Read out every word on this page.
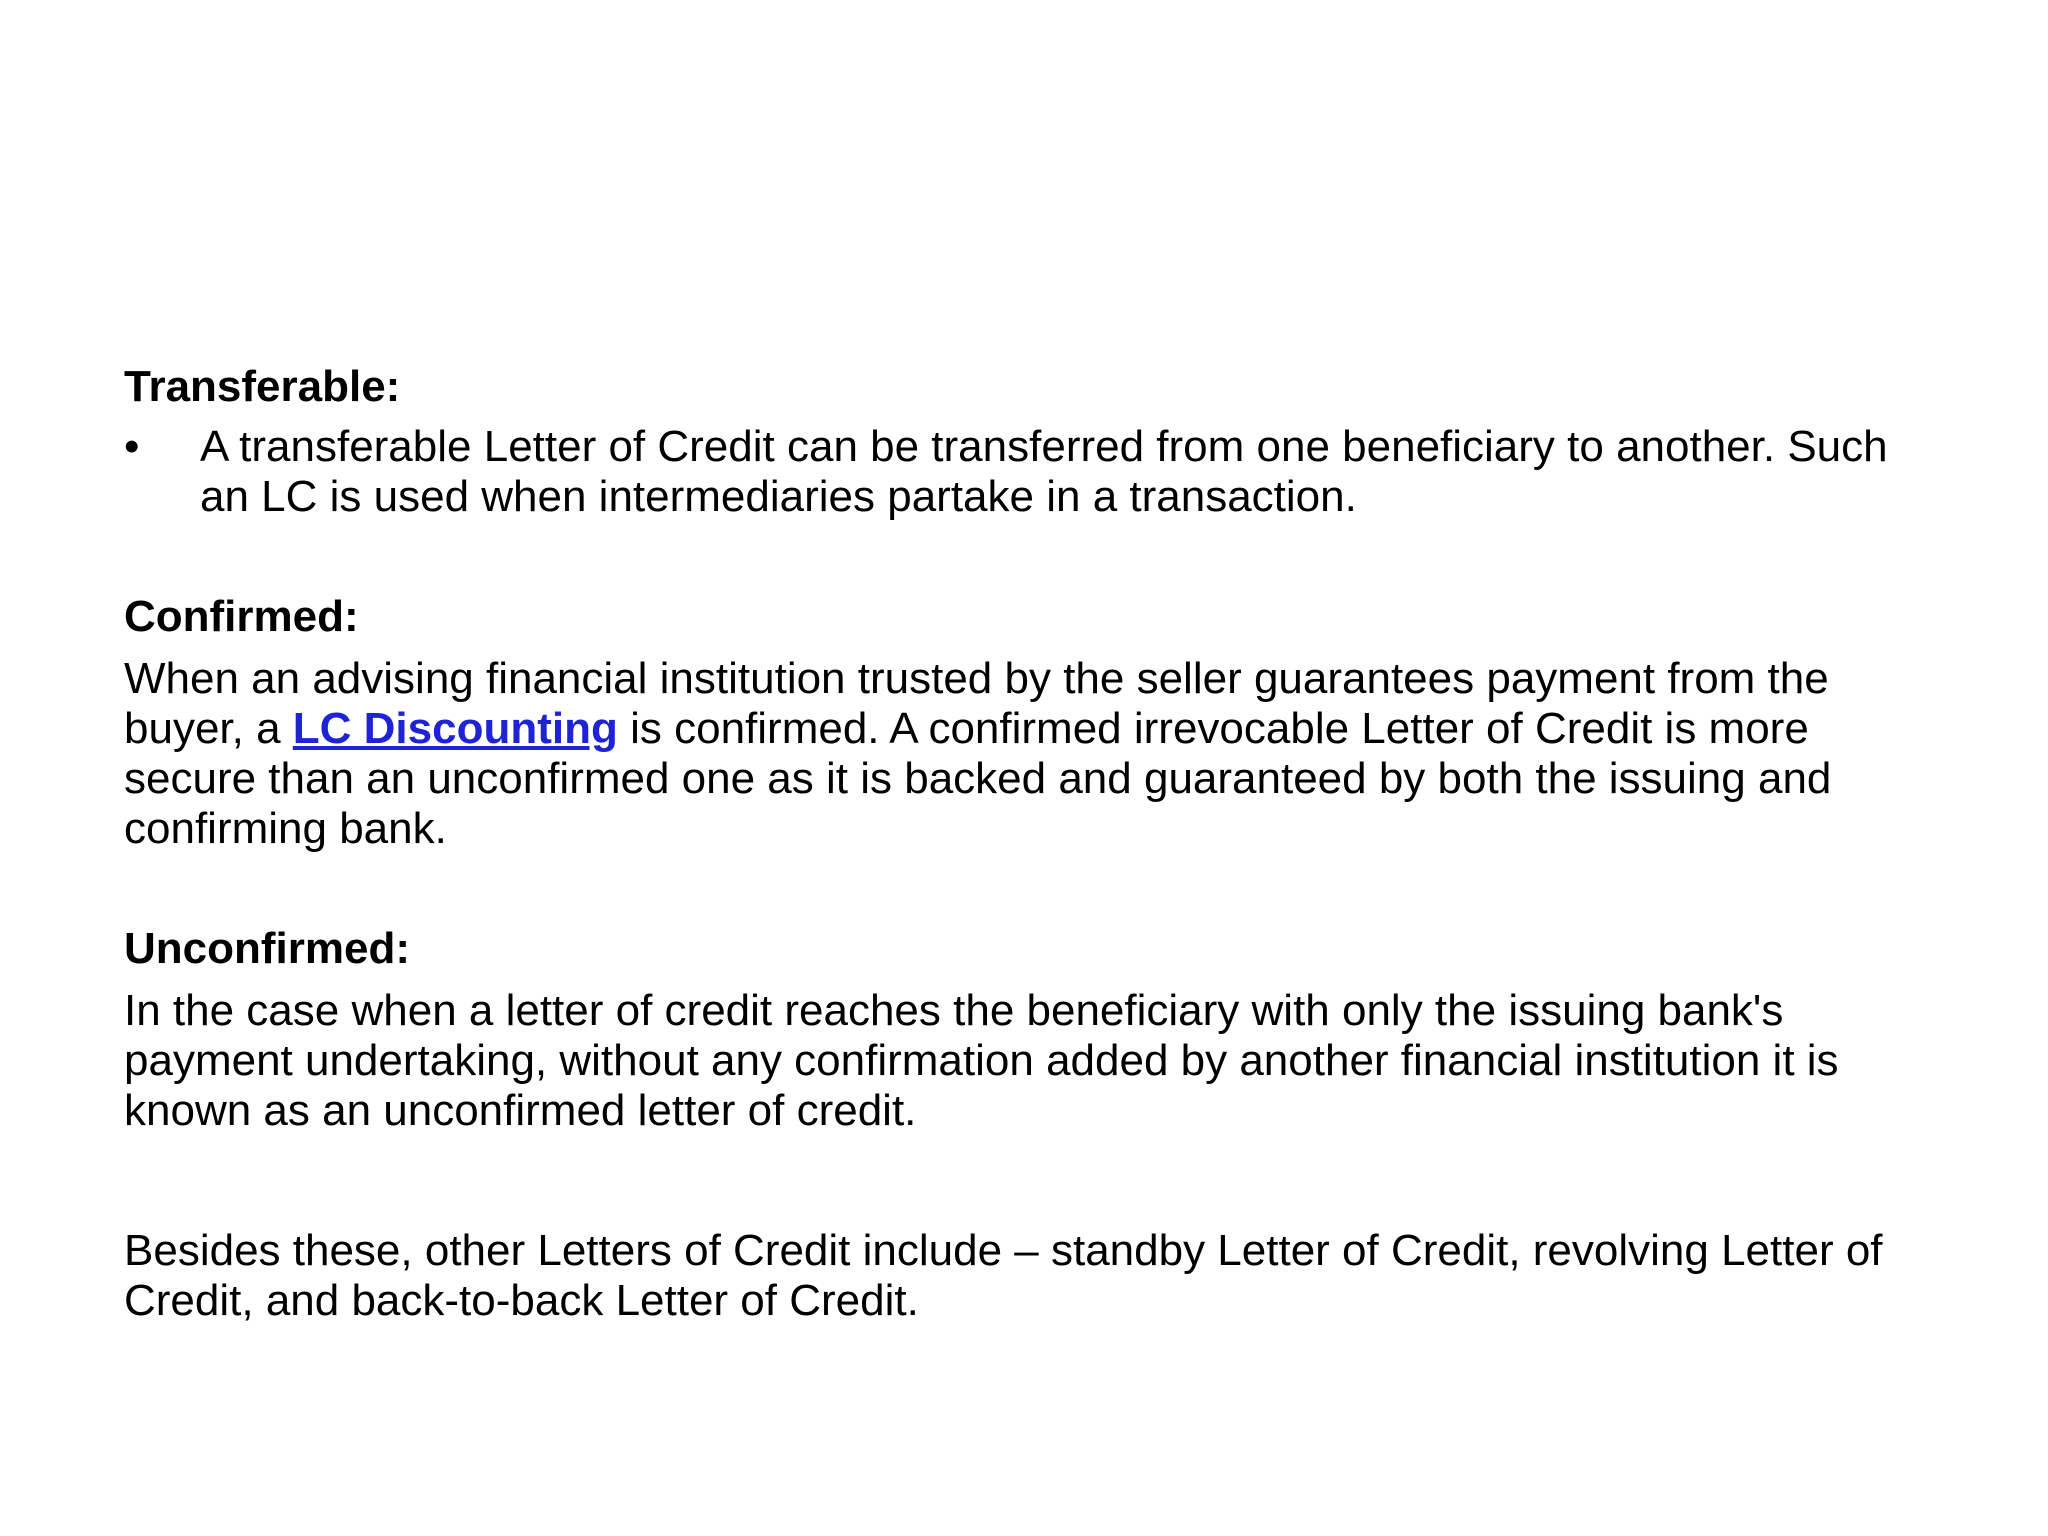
Transferable:

•	A transferable Letter of Credit can be transferred from one beneficiary to another. Such an LC is used when intermediaries partake in a transaction.

Confirmed:

When an advising financial institution trusted by the seller guarantees payment from the buyer, a LC Discounting is confirmed. A confirmed irrevocable Letter of Credit is more secure than an unconfirmed one as it is backed and guaranteed by both the issuing and confirming bank.

Unconfirmed:

In the case when a letter of credit reaches the beneficiary with only the issuing bank's payment undertaking, without any confirmation added by another financial institution it is known as an unconfirmed letter of credit.

Besides these, other Letters of Credit include – standby Letter of Credit, revolving Letter of Credit, and back-to-back Letter of Credit.
